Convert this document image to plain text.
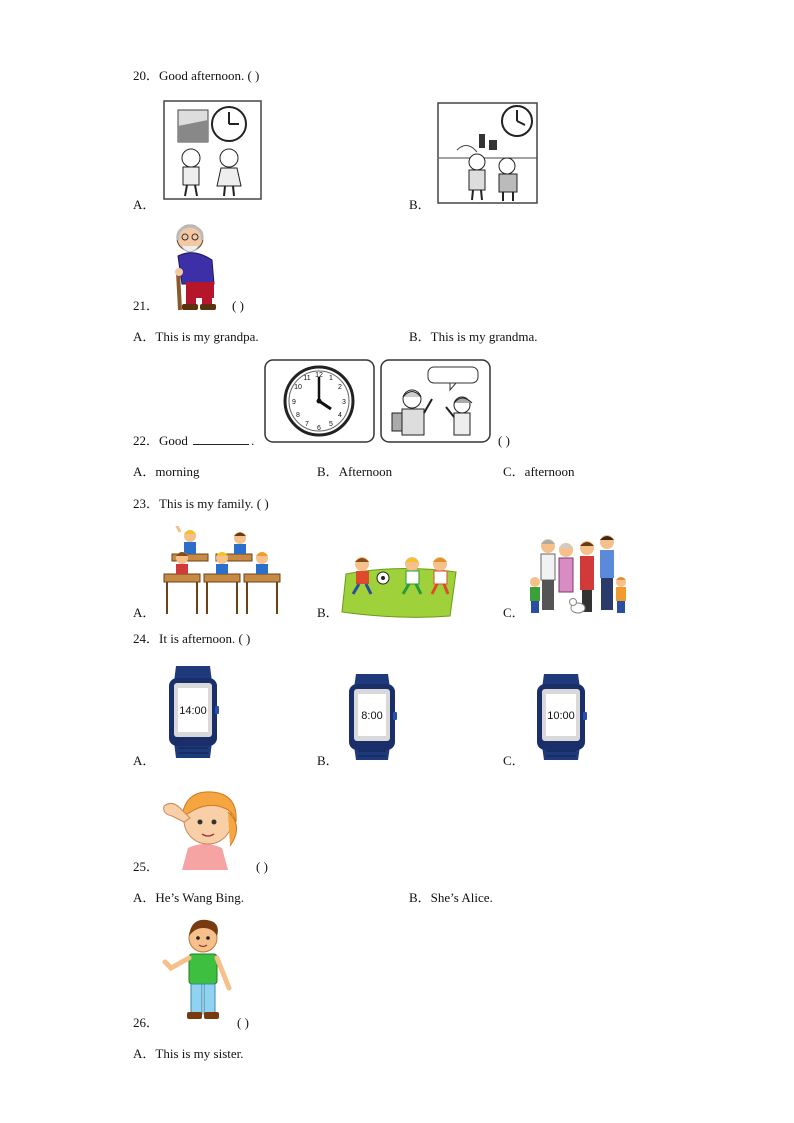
20．Good afternoon. ( )
A．	B．
21．	( )
A．This is my grandpa.	B．This is my grandma.
12 1
2
3
4
5
6
7
8
9
10
11
22．Good	.	( )
A．morning	B．Afternoon	C．afternoon
23．This is my family. ( )
A．	B．	C．
24．It is afternoon. ( )
14:00
A．
8:00
B．
10:00
C．
25．	( )
A．He’s Wang Bing.	B．She’s Alice.
26．	( )
A．This is my sister.
